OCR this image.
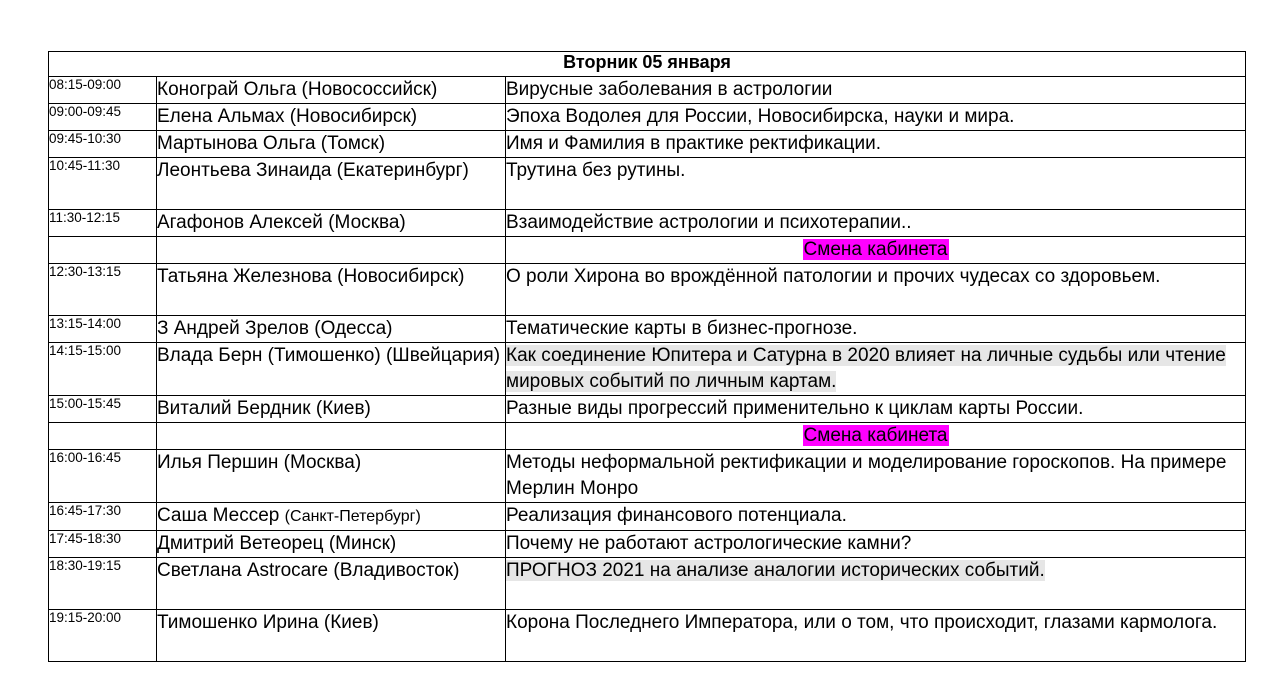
Вторник 05 января		
08:15-09:00	Конограй Ольга (Новососсийск)	Вирусные заболевания в астрологии
09:00-09:45	Елена Альмах (Новосибирск)	Эпоха Водолея для России, Новосибирска, науки и мира.
09:45-10:30	Мартынова Ольга (Томск)	Имя и Фамилия в практике ректификации.
10:45-11:30	Леонтьева Зинаида (Екатеринбург)	Трутина без рутины.
11:30-12:15	Агафонов Алексей (Москва)	Взаимодействие астрологии и психотерапии..
		Смена кабинета
12:30-13:15	Татьяна Железнова (Новосибирск)	О роли Хирона во врождённой патологии и прочих чудесах со здоровьем.
13:15-14:00	З Андрей Зрелов (Одесса)	Тематические карты в бизнес-прогнозе.
14:15-15:00	Влада Берн (Тимошенко) (Швейцария)	Как соединение Юпитера и Сатурна в 2020 влияет на личные судьбы или чтение мировых событий по личным картам.
15:00-15:45	Виталий Бердник (Киев)	Разные виды прогрессий применительно к циклам карты России.
		Смена кабинета
16:00-16:45	Илья Першин (Москва)	Методы неформальной ректификации и моделирование гороскопов. На примере Мерлин Монро
16:45-17:30	Саша Мессер (Санкт-Петербург)	Реализация финансового потенциала.
17:45-18:30	Дмитрий Ветеорец (Минск)	Почему не работают астрологические камни?
18:30-19:15	Светлана Astrocare (Владивосток)	ПРОГНОЗ 2021 на анализе аналогии исторических событий.
19:15-20:00	Тимошенко Ирина (Киев)	Корона Последнего Императора, или о том, что происходит, глазами кармолога.
